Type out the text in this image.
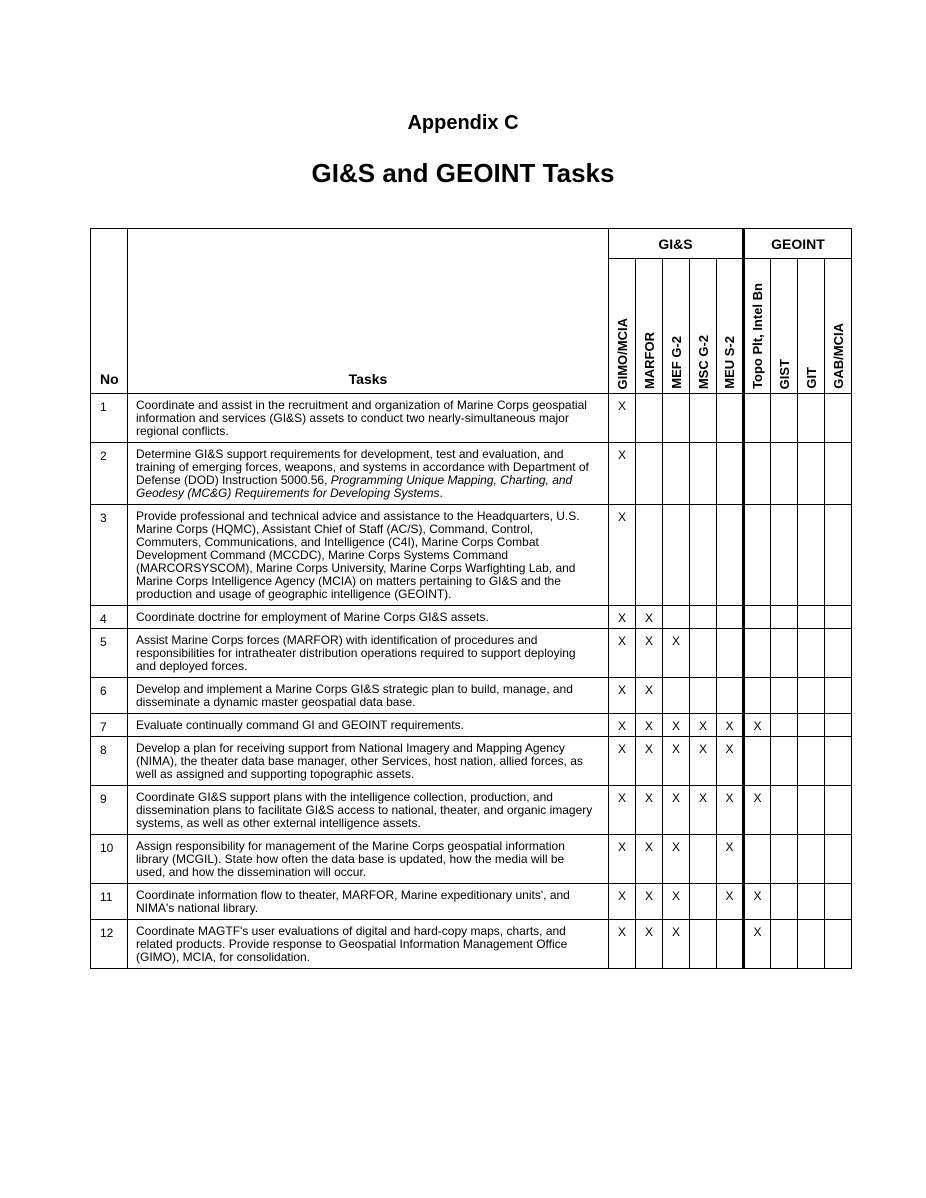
Appendix C
GI&S and GEOINT Tasks
No	Tasks	GI&S					GEOINT			

		GIMO/MCIA	MARFOR	MEF G-2	MSC G-2	MEU S-2	Topo Plt, Intel Bn	GIST	GIT	GAB/MCIA

1	Coordinate and assist in the recruitment and organization of Marine Corps geospatial information and services (GI&S) assets to conduct two nearly-simultaneous major regional conflicts.	X								
2	Determine GI&S support requirements for development, test and evaluation, and training of emerging forces, weapons, and systems in accordance with Department of Defense (DOD) Instruction 5000.56, Programming Unique Mapping, Charting, and Geodesy (MC&G) Requirements for Developing Systems.	X								
3	Provide professional and technical advice and assistance to the Headquarters, U.S. Marine Corps (HQMC), Assistant Chief of Staff (AC/S), Command, Control, Commuters, Communications, and Intelligence (C4I), Marine Corps Combat Development Command (MCCDC), Marine Corps Systems Command (MARCORSYSCOM), Marine Corps University, Marine Corps Warfighting Lab, and Marine Corps Intelligence Agency (MCIA) on matters pertaining to GI&S and the production and usage of geographic intelligence (GEOINT).	X								
4	Coordinate doctrine for employment of Marine Corps GI&S assets.	X	X							
5	Assist Marine Corps forces (MARFOR) with identification of procedures and responsibilities for intratheater distribution operations required to support deploying and deployed forces.	X	X	X						
6	Develop and implement a Marine Corps GI&S strategic plan to build, manage, and disseminate a dynamic master geospatial data base.	X	X							
7	Evaluate continually command GI and GEOINT requirements.	X	X	X	X	X	X			
8	Develop a plan for receiving support from National Imagery and Mapping Agency (NIMA), the theater data base manager, other Services, host nation, allied forces, as well as assigned and supporting topographic assets.	X	X	X	X	X				
9	Coordinate GI&S support plans with the intelligence collection, production, and dissemination plans to facilitate GI&S access to national, theater, and organic imagery systems, as well as other external intelligence assets.	X	X	X	X	X	X			
10	Assign responsibility for management of the Marine Corps geospatial information library (MCGIL). State how often the data base is updated, how the media will be used, and how the dissemination will occur.	X	X	X		X				
11	Coordinate information flow to theater, MARFOR, Marine expeditionary units', and NIMA's national library.	X	X	X		X	X			
12	Coordinate MAGTF's user evaluations of digital and hard-copy maps, charts, and related products. Provide response to Geospatial Information Management Office (GIMO), MCIA, for consolidation.	X	X	X			X			
